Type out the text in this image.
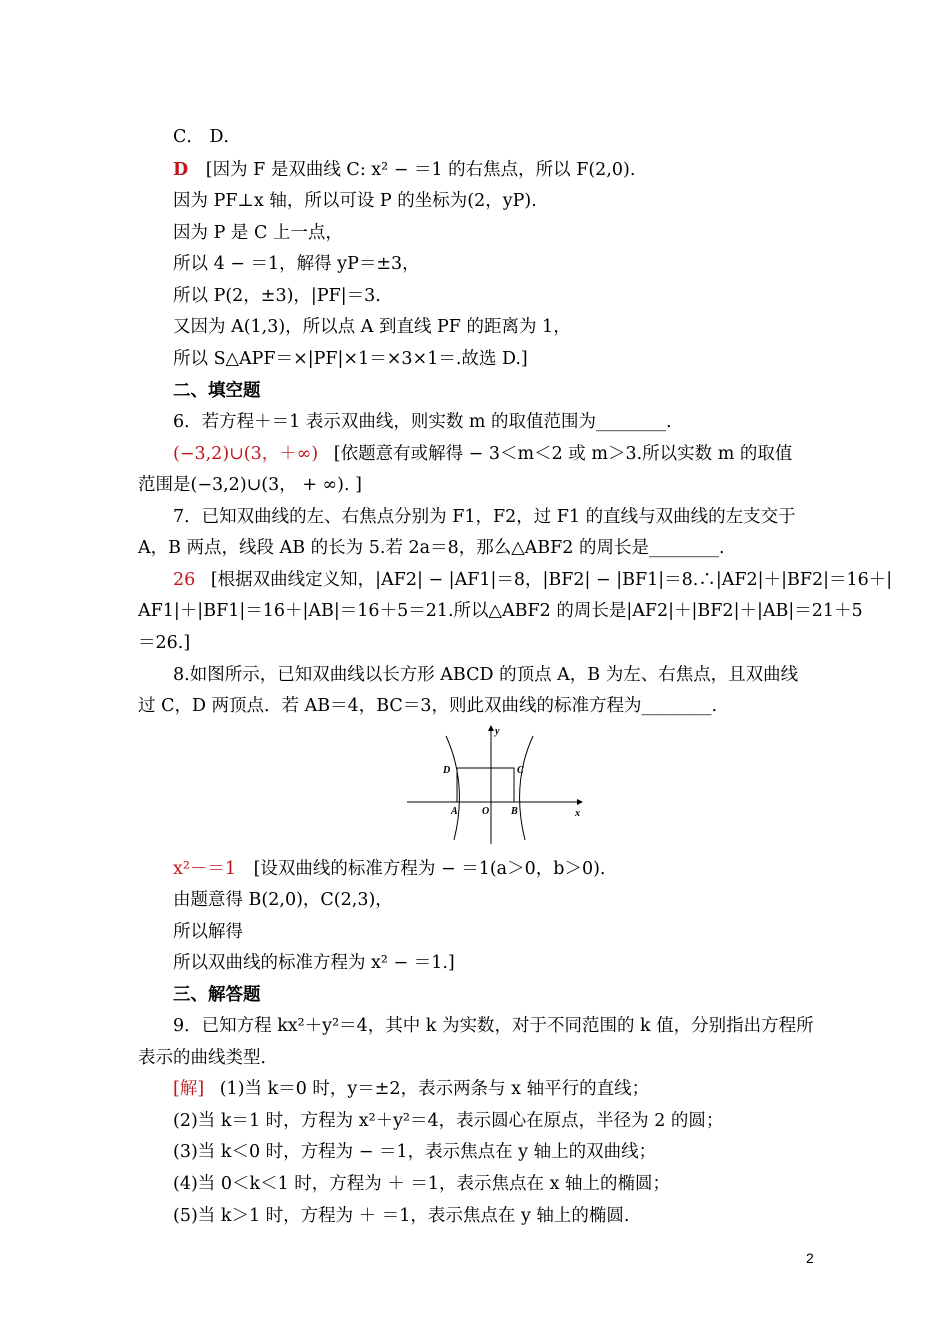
C． D．
D [因为 F 是双曲线 C: x² − ＝1 的右焦点，所以 F(2,0).
因为 PF⊥x 轴，所以可设 P 的坐标为(2，yP).
因为 P 是 C 上一点，
所以 4 − ＝1，解得 yP＝±3，
所以 P(2，±3)，|PF|＝3.
又因为 A(1,3)，所以点 A 到直线 PF 的距离为 1，
所以 S△APF＝×|PF|×1＝×3×1＝.故选 D.]
二、填空题
6．若方程＋＝1 表示双曲线，则实数 m 的取值范围为________.
(−3,2)∪(3，＋∞) [依题意有或解得 − 3＜m＜2 或 m＞3.所以实数 m 的取值
范围是(−3,2)∪(3， + ∞). ]
7．已知双曲线的左、右焦点分别为 F1，F2，过 F1 的直线与双曲线的左支交于
A，B 两点，线段 AB 的长为 5.若 2a＝8，那么△ABF2 的周长是________.
26 [根据双曲线定义知，|AF2| − |AF1|＝8，|BF2| − |BF1|＝8.∴|AF2|＋|BF2|＝16＋|
AF1|＋|BF1|＝16＋|AB|＝16＋5＝21.所以△ABF2 的周长是|AF2|＋|BF2|＋|AB|＝21＋5
＝26.]
8.如图所示，已知双曲线以长方形 ABCD 的顶点 A，B 为左、右焦点，且双曲线
过 C，D 两顶点．若 AB＝4，BC＝3，则此双曲线的标准方程为________.
y
x
D	C
A O B
x²－＝1 [设双曲线的标准方程为 − ＝1(a＞0，b＞0).
由题意得 B(2,0)，C(2,3)，
所以解得
所以双曲线的标准方程为 x² − ＝1.]
三、解答题
9．已知方程 kx²＋y²＝4，其中 k 为实数，对于不同范围的 k 值，分别指出方程所
表示的曲线类型．
[解] (1)当 k＝0 时，y＝±2，表示两条与 x 轴平行的直线；
(2)当 k＝1 时，方程为 x²＋y²＝4，表示圆心在原点，半径为 2 的圆；
(3)当 k＜0 时，方程为 − ＝1，表示焦点在 y 轴上的双曲线；
(4)当 0＜k＜1 时，方程为 ＋ ＝1，表示焦点在 x 轴上的椭圆；
(5)当 k＞1 时，方程为 ＋ ＝1，表示焦点在 y 轴上的椭圆.
2
